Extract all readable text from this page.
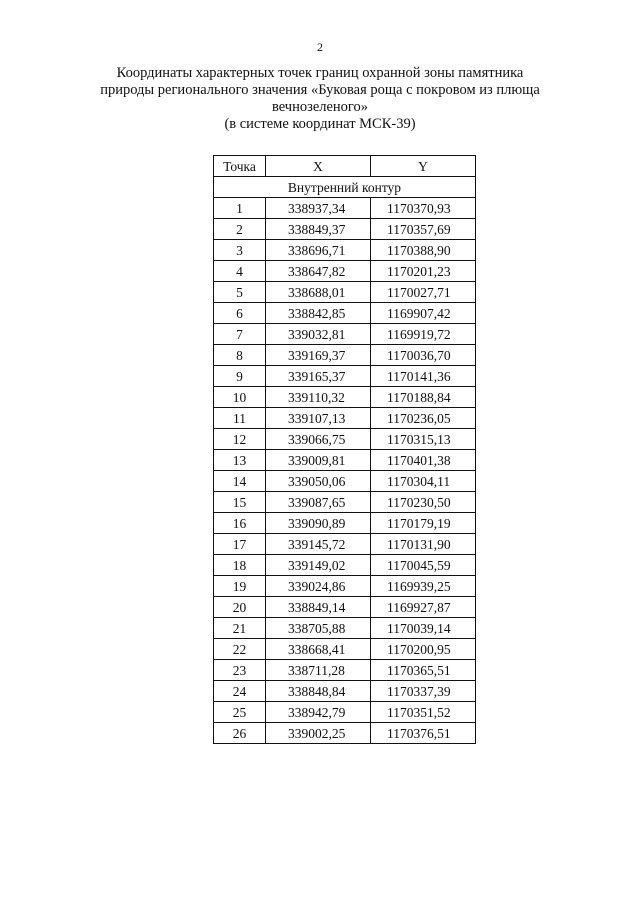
2
Координаты характерных точек границ охранной зоны памятника
природы регионального значения «Буковая роща с покровом из плюща
вечнозеленого»
(в системе координат МСК-39)
Точка	X	Y
Внутренний контур		
1	338937,34	1170370,93
2	338849,37	1170357,69
3	338696,71	1170388,90
4	338647,82	1170201,23
5	338688,01	1170027,71
6	338842,85	1169907,42
7	339032,81	1169919,72
8	339169,37	1170036,70
9	339165,37	1170141,36
10	339110,32	1170188,84
11	339107,13	1170236,05
12	339066,75	1170315,13
13	339009,81	1170401,38
14	339050,06	1170304,11
15	339087,65	1170230,50
16	339090,89	1170179,19
17	339145,72	1170131,90
18	339149,02	1170045,59
19	339024,86	1169939,25
20	338849,14	1169927,87
21	338705,88	1170039,14
22	338668,41	1170200,95
23	338711,28	1170365,51
24	338848,84	1170337,39
25	338942,79	1170351,52
26	339002,25	1170376,51
